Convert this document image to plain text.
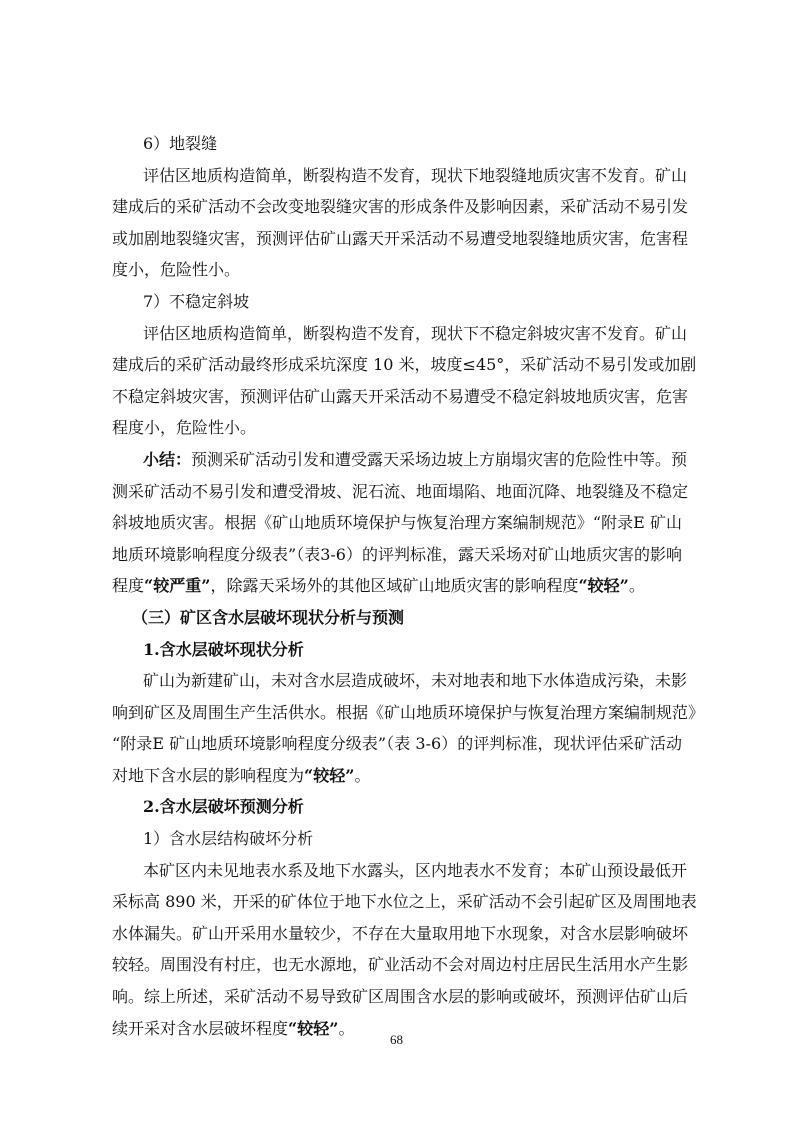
6）地裂缝
评估区地质构造简单，断裂构造不发育，现状下地裂缝地质灾害不发育。矿山
建成后的采矿活动不会改变地裂缝灾害的形成条件及影响因素，采矿活动不易引发
或加剧地裂缝灾害，预测评估矿山露天开采活动不易遭受地裂缝地质灾害，危害程
度小，危险性小。
7）不稳定斜坡
评估区地质构造简单，断裂构造不发育，现状下不稳定斜坡灾害不发育。矿山
建成后的采矿活动最终形成采坑深度 10 米，坡度≤45°，采矿活动不易引发或加剧
不稳定斜坡灾害，预测评估矿山露天开采活动不易遭受不稳定斜坡地质灾害，危害
程度小，危险性小。
小结：预测采矿活动引发和遭受露天采场边坡上方崩塌灾害的危险性中等。预
测采矿活动不易引发和遭受滑坡、泥石流、地面塌陷、地面沉降、地裂缝及不稳定
斜坡地质灾害。根据《矿山地质环境保护与恢复治理方案编制规范》“附录E 矿山
地质环境影响程度分级表”（表3-6）的评判标准，露天采场对矿山地质灾害的影响
程度“较严重”，除露天采场外的其他区域矿山地质灾害的影响程度“较轻”。
（三）矿区含水层破坏现状分析与预测
1.含水层破坏现状分析
矿山为新建矿山，未对含水层造成破坏，未对地表和地下水体造成污染，未影
响到矿区及周围生产生活供水。根据《矿山地质环境保护与恢复治理方案编制规范》
“附录E 矿山地质环境影响程度分级表”（表 3-6）的评判标准，现状评估采矿活动
对地下含水层的影响程度为“较轻”。
2.含水层破坏预测分析
1）含水层结构破坏分析
本矿区内未见地表水系及地下水露头，区内地表水不发育；本矿山预设最低开
采标高 890 米，开采的矿体位于地下水位之上，采矿活动不会引起矿区及周围地表
水体漏失。矿山开采用水量较少，不存在大量取用地下水现象，对含水层影响破坏
较轻。周围没有村庄，也无水源地，矿业活动不会对周边村庄居民生活用水产生影
响。综上所述，采矿活动不易导致矿区周围含水层的影响或破坏，预测评估矿山后
续开采对含水层破坏程度“较轻”。
68
